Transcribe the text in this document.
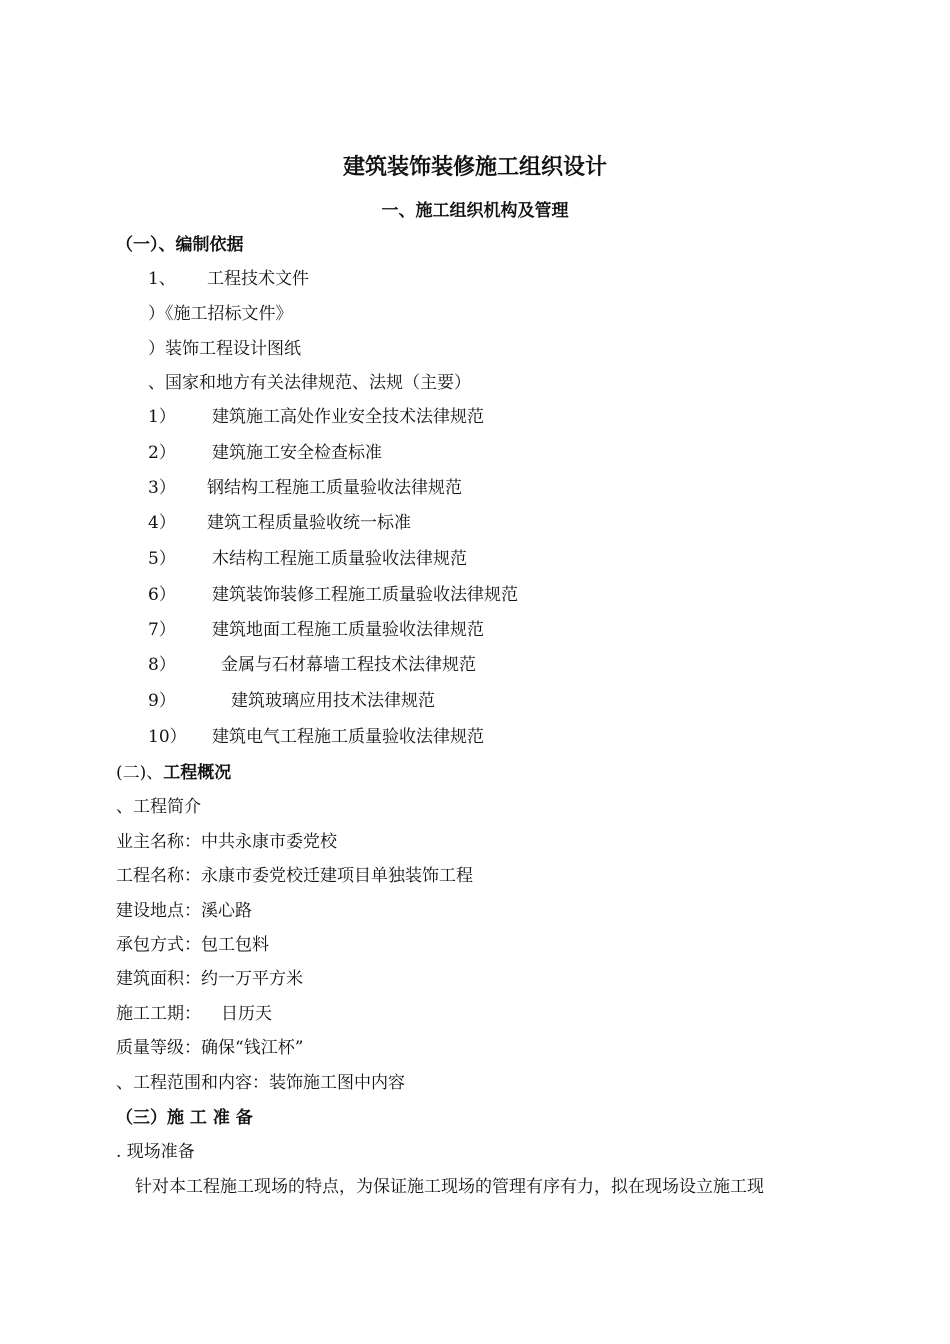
建筑装饰装修施工组织设计
一、施工组织机构及管理
（一）、编制依据
1、 工程技术文件
）《施工招标文件》
）装饰工程设计图纸
、国家和地方有关法律规范、法规（主要）
1） 建筑施工高处作业安全技术法律规范
2） 建筑施工安全检查标准
3） 钢结构工程施工质量验收法律规范
4） 建筑工程质量验收统一标准
5） 木结构工程施工质量验收法律规范
6） 建筑装饰装修工程施工质量验收法律规范
7） 建筑地面工程施工质量验收法律规范
8）	金属与石材幕墙工程技术法律规范
9）	建筑玻璃应用技术法律规范
10） 建筑电气工程施工质量验收法律规范
(二)、工程概况
、工程简介
业主名称：中共永康市委党校
工程名称：永康市委党校迁建项目单独装饰工程
建设地点：溪心路
承包方式：包工包料
建筑面积：约一万平方米
施工工期： 日历天
质量等级：确保“钱江杯”
、工程范围和内容：装饰施工图中内容
（三）施 工 准 备
. 现场准备
针对本工程施工现场的特点，为保证施工现场的管理有序有力，拟在现场设立施工现
